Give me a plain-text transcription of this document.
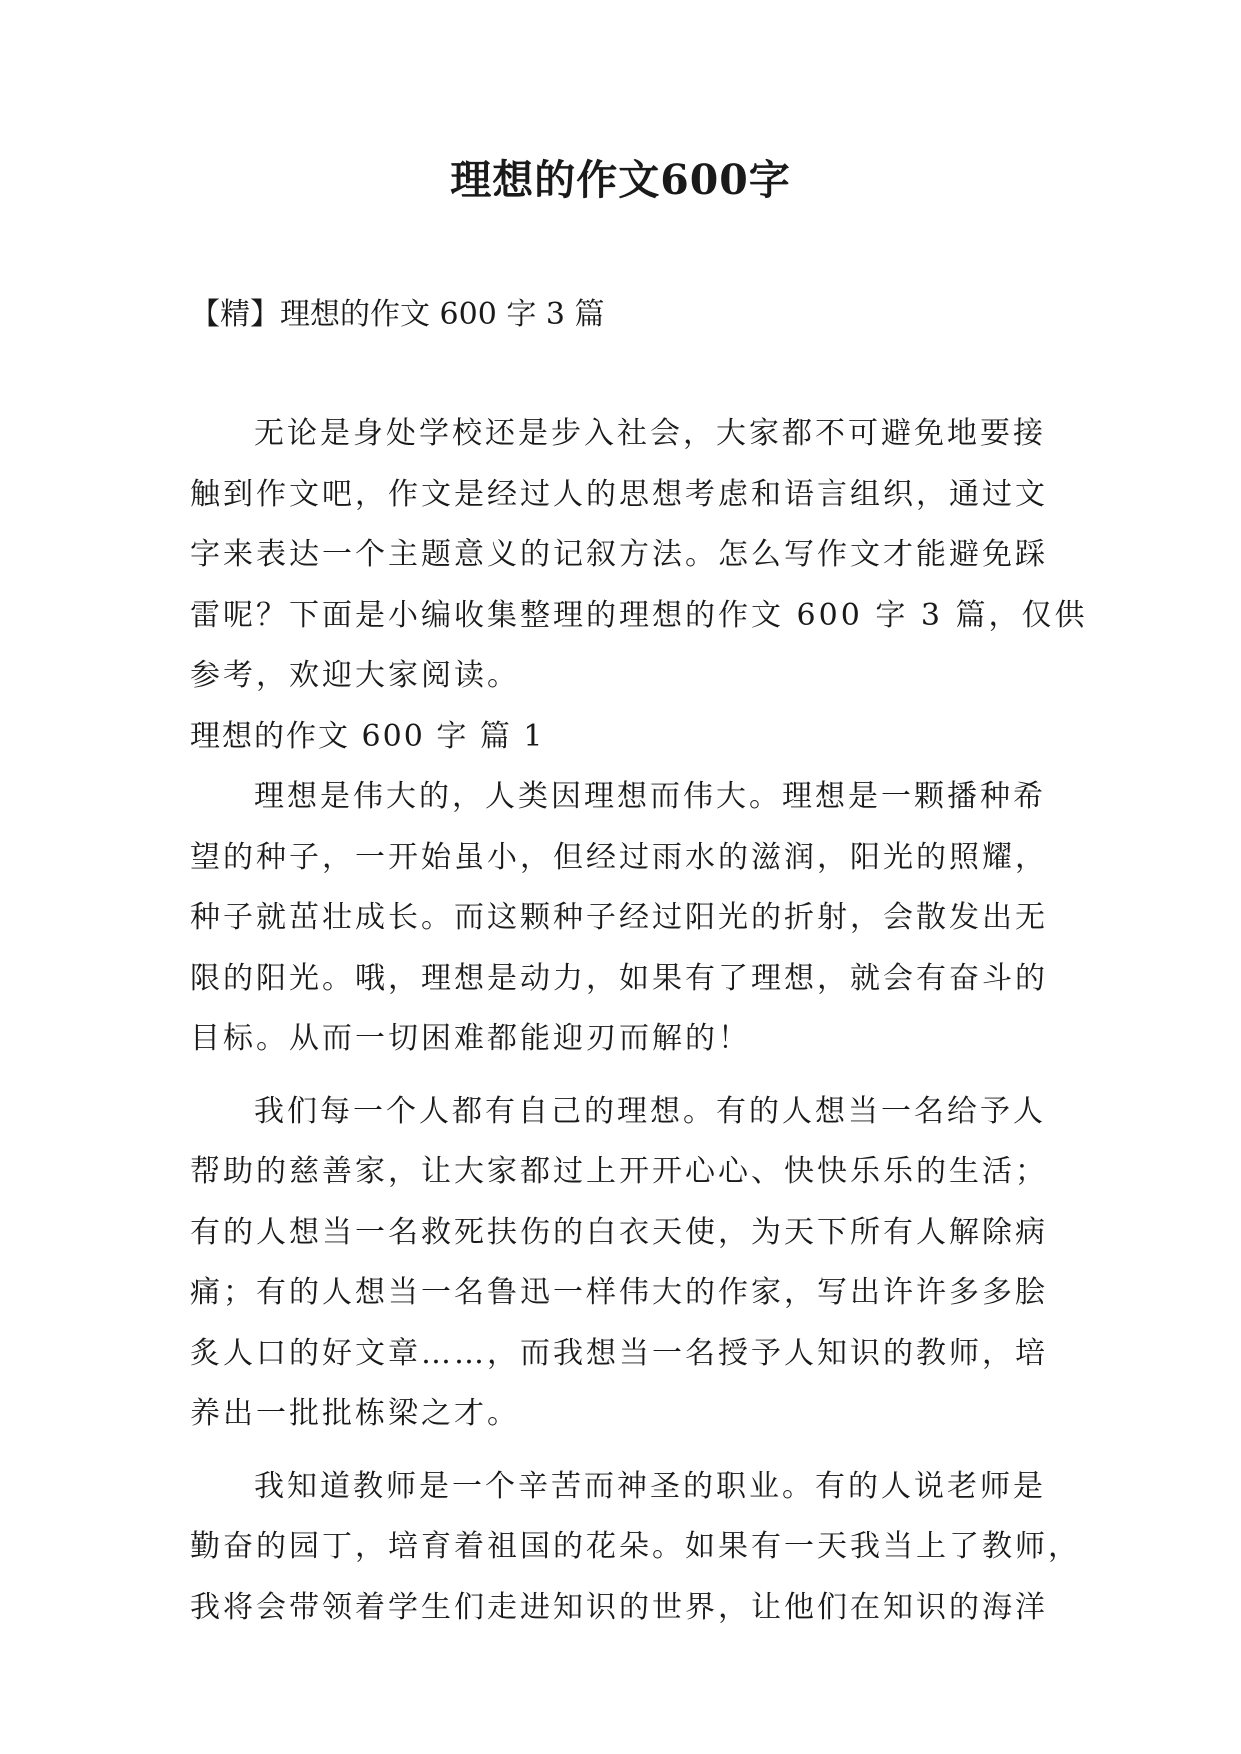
理想的作文600字

【精】理想的作文 600 字 3 篇

无论是身处学校还是步入社会，大家都不可避免地要接
触到作文吧，作文是经过人的思想考虑和语言组织，通过文
字来表达一个主题意义的记叙方法。怎么写作文才能避免踩
雷呢？下面是小编收集整理的理想的作文 600 字 3 篇，仅供
参考，欢迎大家阅读。

理想的作文 600 字 篇 1

理想是伟大的，人类因理想而伟大。理想是一颗播种希
望的种子，一开始虽小，但经过雨水的滋润，阳光的照耀，
种子就茁壮成长。而这颗种子经过阳光的折射，会散发出无
限的阳光。哦，理想是动力，如果有了理想，就会有奋斗的
目标。从而一切困难都能迎刃而解的！

我们每一个人都有自己的理想。有的人想当一名给予人
帮助的慈善家，让大家都过上开开心心、快快乐乐的生活；
有的人想当一名救死扶伤的白衣天使，为天下所有人解除病
痛；有的人想当一名鲁迅一样伟大的作家，写出许许多多脍
炙人口的好文章……，而我想当一名授予人知识的教师，培
养出一批批栋梁之才。

我知道教师是一个辛苦而神圣的职业。有的人说老师是
勤奋的园丁，培育着祖国的花朵。如果有一天我当上了教师，
我将会带领着学生们走进知识的世界，让他们在知识的海洋
